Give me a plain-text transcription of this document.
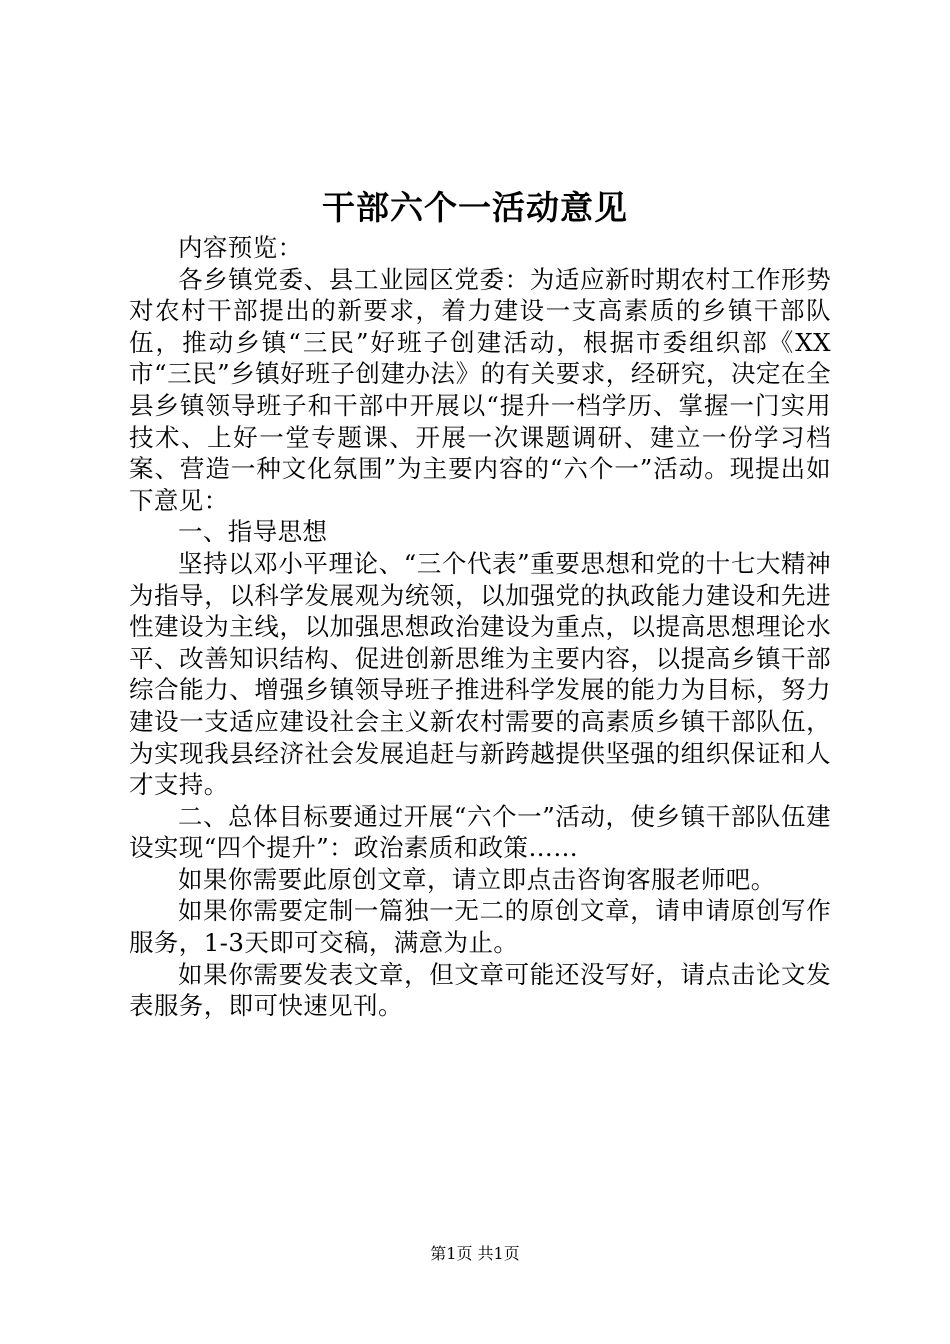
干部六个一活动意见

内容预览：

各乡镇党委、县工业园区党委：为适应新时期农村工作形势对农村干部提出的新要求，着力建设一支高素质的乡镇干部队伍，推动乡镇“三民”好班子创建活动，根据市委组织部《XX市“三民”乡镇好班子创建办法》的有关要求，经研究，决定在全县乡镇领导班子和干部中开展以“提升一档学历、掌握一门实用技术、上好一堂专题课、开展一次课题调研、建立一份学习档案、营造一种文化氛围”为主要内容的“六个一”活动。现提出如下意见：

一、指导思想

坚持以邓小平理论、“三个代表”重要思想和党的十七大精神为指导，以科学发展观为统领，以加强党的执政能力建设和先进性建设为主线，以加强思想政治建设为重点，以提高思想理论水平、改善知识结构、促进创新思维为主要内容，以提高乡镇干部综合能力、增强乡镇领导班子推进科学发展的能力为目标，努力建设一支适应建设社会主义新农村需要的高素质乡镇干部队伍，为实现我县经济社会发展追赶与新跨越提供坚强的组织保证和人才支持。

二、总体目标要通过开展“六个一”活动，使乡镇干部队伍建设实现“四个提升”：政治素质和政策……

如果你需要此原创文章，请立即点击咨询客服老师吧。

如果你需要定制一篇独一无二的原创文章，请申请原创写作服务，1-3天即可交稿，满意为止。

如果你需要发表文章，但文章可能还没写好，请点击论文发表服务，即可快速见刊。

第1页 共1页
